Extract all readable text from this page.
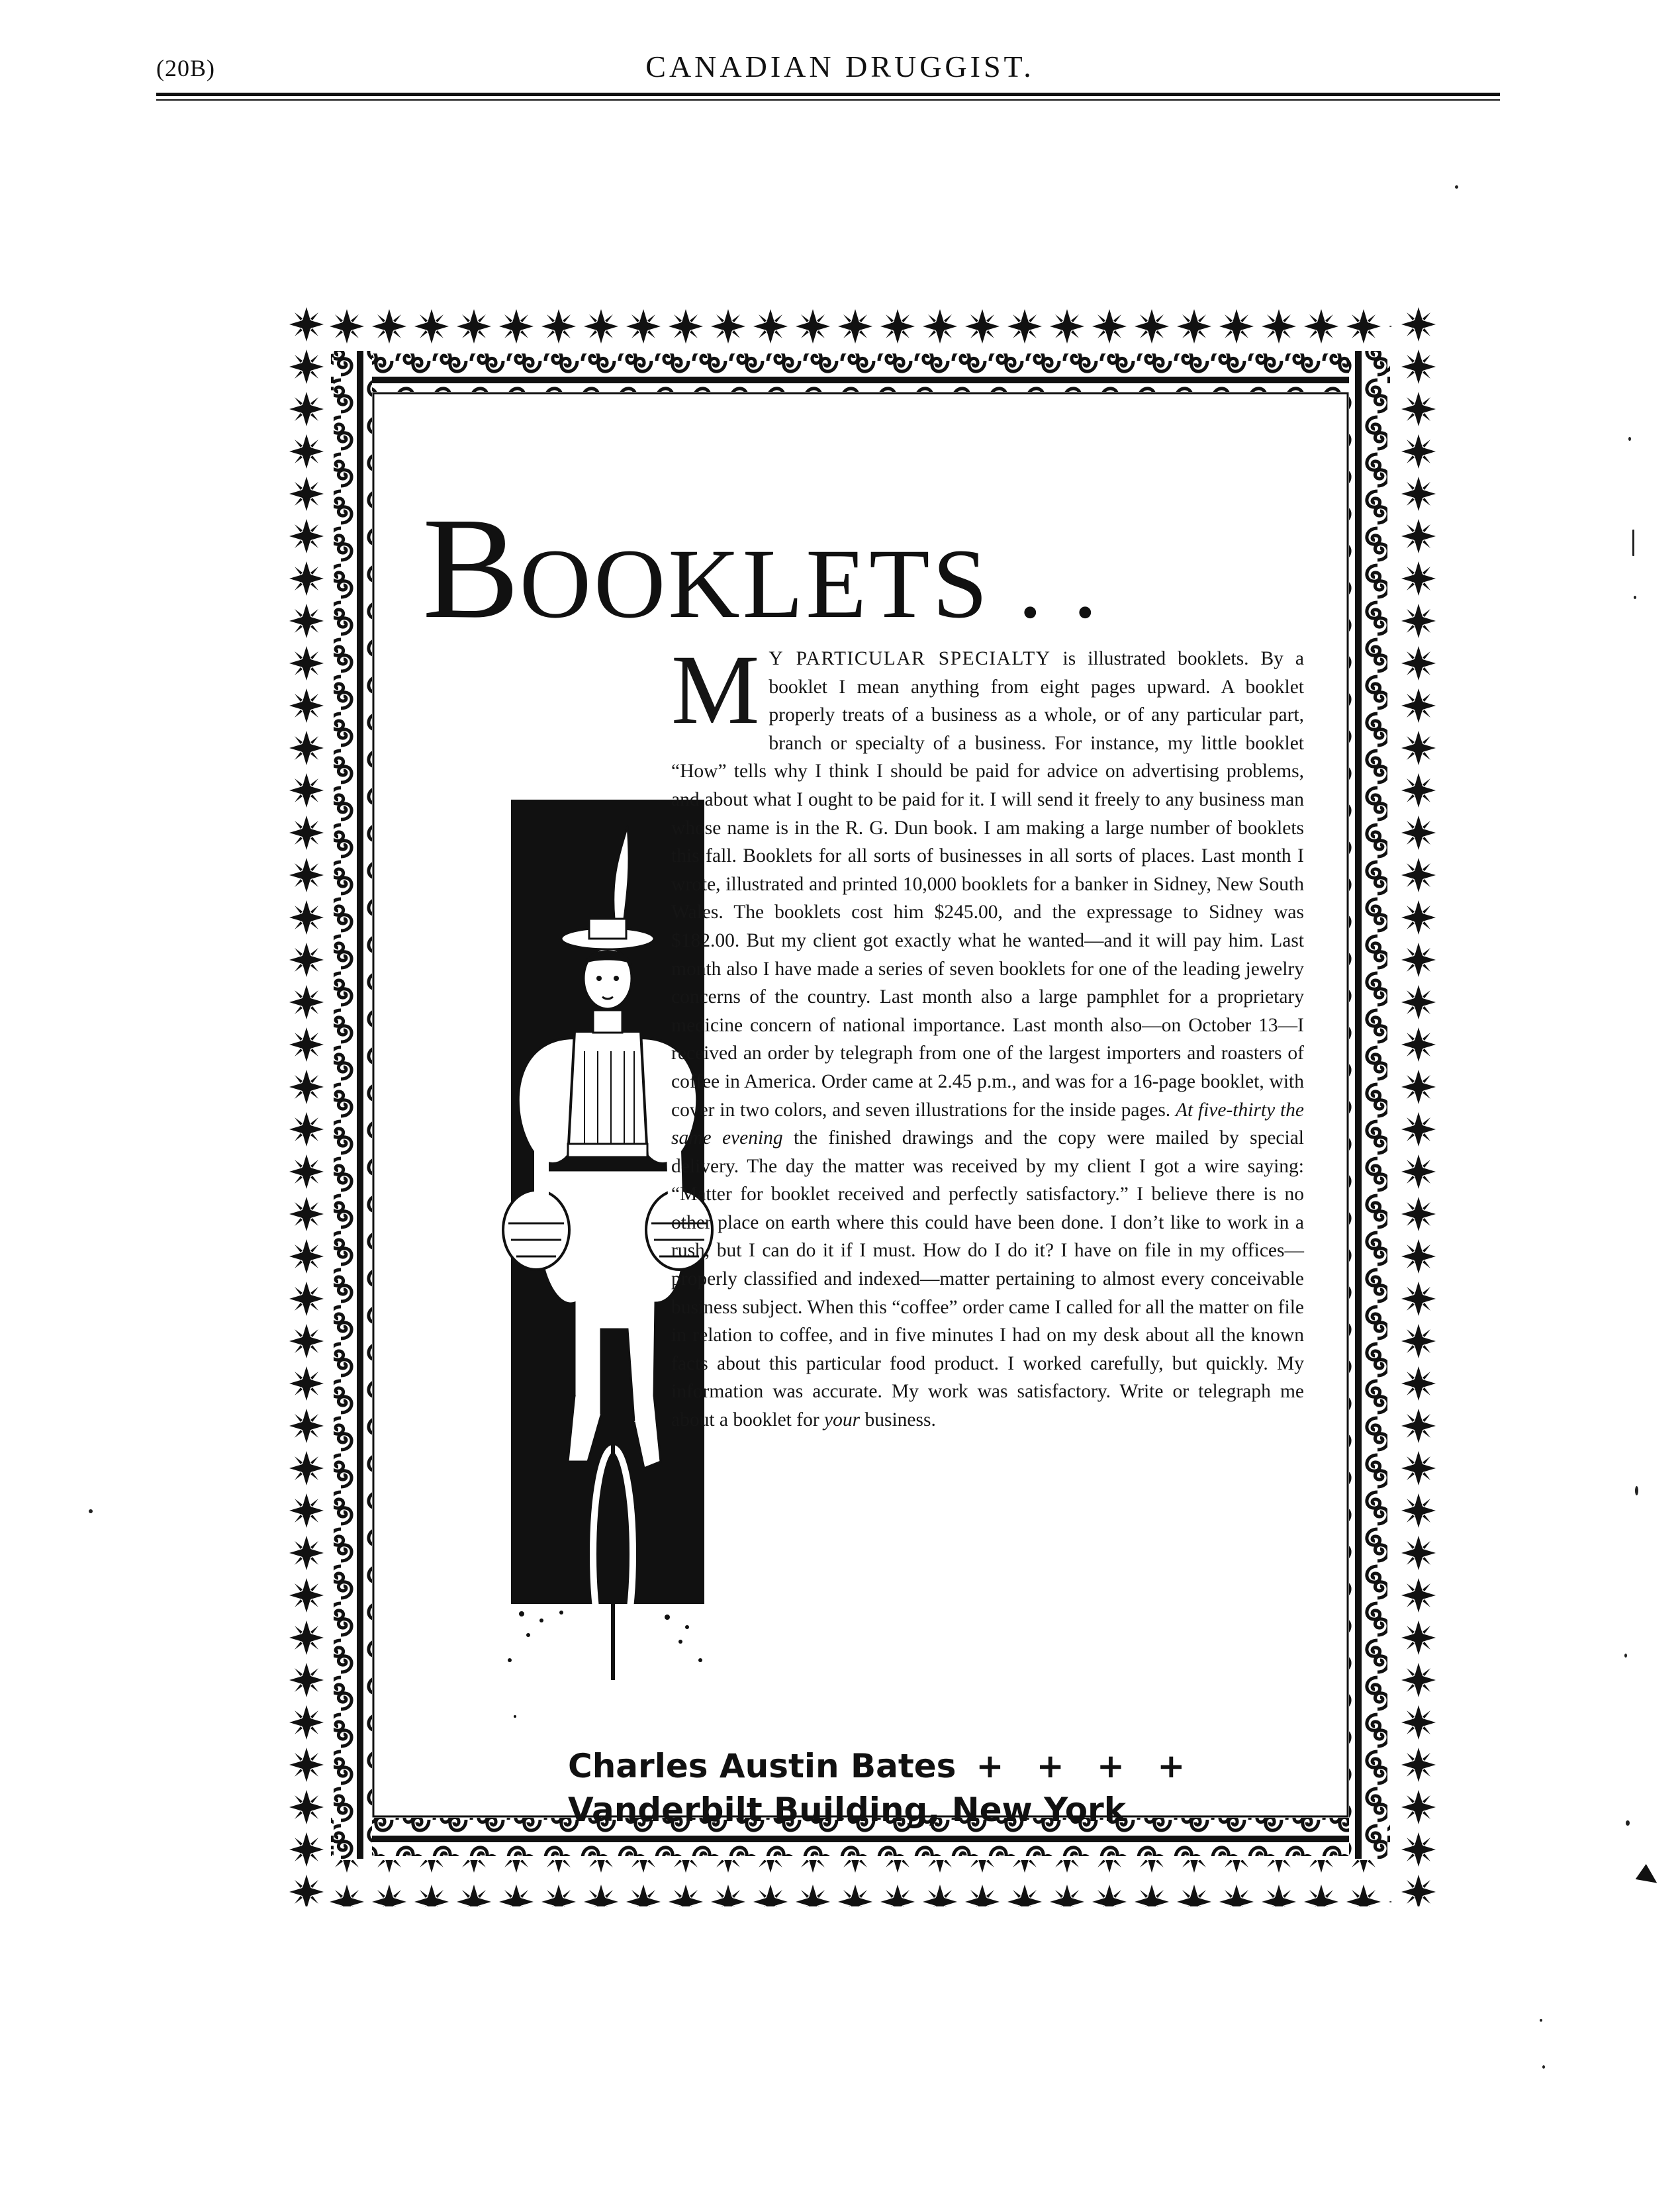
(20B)	CANADIAN DRUGGIST.
BOOKLETS . .
M Y PARTICULAR SPECIALTY is illustrated booklets. By a booklet I mean anything from eight pages upward. A booklet properly treats of a business as a whole, or of any particular part, branch or specialty of a business. For instance, my little booklet “How” tells why I think I should be paid for advice on advertising problems, and about what I ought to be paid for it. I will send it freely to any business man whose name is in the R. G. Dun book. I am making a large number of booklets this fall. Booklets for all sorts of businesses in all sorts of places. Last month I wrote, illustrated and printed 10,000 booklets for a banker in Sidney, New South Wales. The booklets cost him $245.00, and the expressage to Sidney was $182.00. But my client got exactly what he wanted—and it will pay him. Last month also I have made a series of seven booklets for one of the leading jewelry concerns of the country. Last month also a large pamphlet for a proprietary medicine concern of national importance. Last month also—on October 13—I received an order by telegraph from one of the largest importers and roasters of coffee in America. Order came at 2.45 p.m., and was for a 16-page booklet, with cover in two colors, and seven illustrations for the inside pages. At five-thirty the same evening the finished drawings and the copy were mailed by special delivery. The day the matter was received by my client I got a wire saying: “Matter for booklet received and perfectly satisfactory.” I believe there is no other place on earth where this could have been done. I don’t like to work in a rush, but I can do it if I must. How do I do it? I have on file in my offices—properly classified and indexed—matter pertaining to almost every conceivable business subject. When this “coffee” order came I called for all the matter on file in relation to coffee, and in five minutes I had on my desk about all the known facts about this particular food product. I worked carefully, but quickly. My information was accurate. My work was satisfactory. Write or telegraph me about a booklet for your business.
Charles Austin Bates + + + +
Vanderbilt Building, New York
